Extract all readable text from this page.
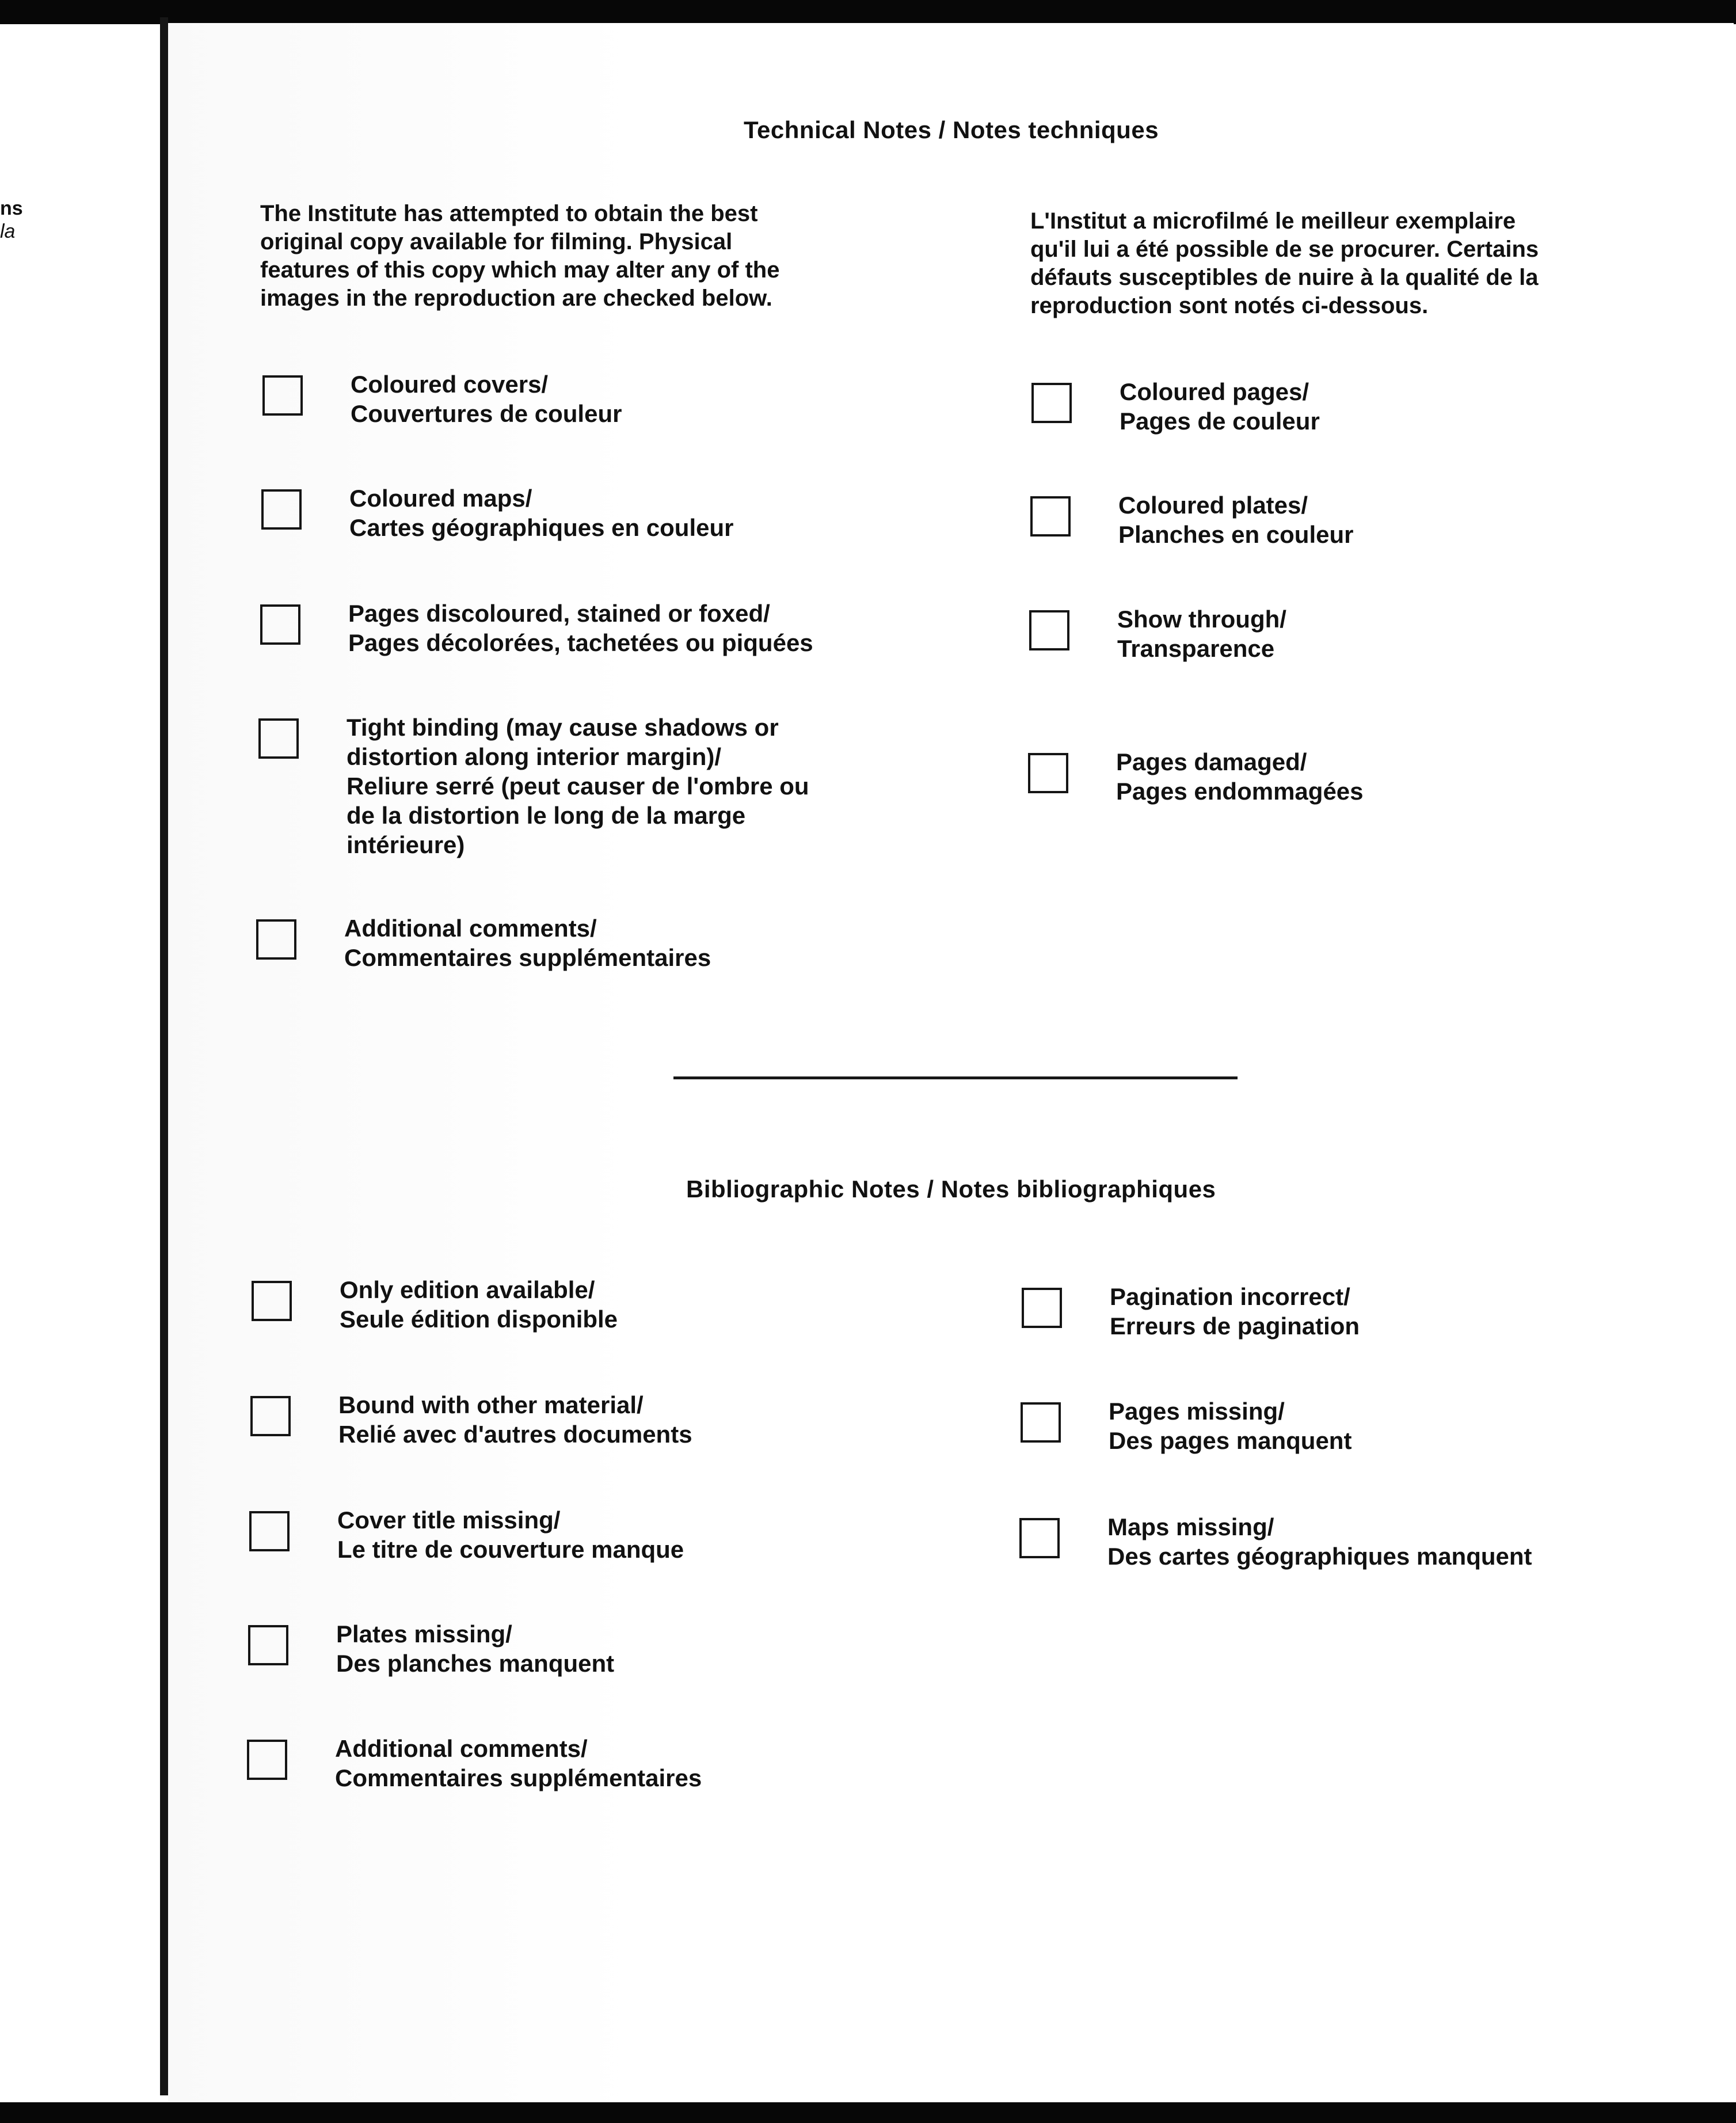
ns
la
Technical Notes / Notes techniques
The Institute has attempted to obtain the best
original copy available for filming. Physical
features of this copy which may alter any of the
images in the reproduction are checked below.
L'Institut a microfilmé le meilleur exemplaire
qu'il lui a été possible de se procurer. Certains
défauts susceptibles de nuire à la qualité de la
reproduction sont notés ci-dessous.
Coloured covers/
Couvertures de couleur
Coloured maps/
Cartes géographiques en couleur
Pages discoloured, stained or foxed/
Pages décolorées, tachetées ou piquées
Tight binding (may cause shadows or
distortion along interior margin)/
Reliure serré (peut causer de l'ombre ou
de la distortion le long de la marge
intérieure)
Additional comments/
Commentaires supplémentaires
Coloured pages/
Pages de couleur
Coloured plates/
Planches en couleur
Show through/
Transparence
Pages damaged/
Pages endommagées
Bibliographic Notes / Notes bibliographiques
Only edition available/
Seule édition disponible
Bound with other material/
Relié avec d'autres documents
Cover title missing/
Le titre de couverture manque
Plates missing/
Des planches manquent
Additional comments/
Commentaires supplémentaires
Pagination incorrect/
Erreurs de pagination
Pages missing/
Des pages manquent
Maps missing/
Des cartes géographiques manquent
